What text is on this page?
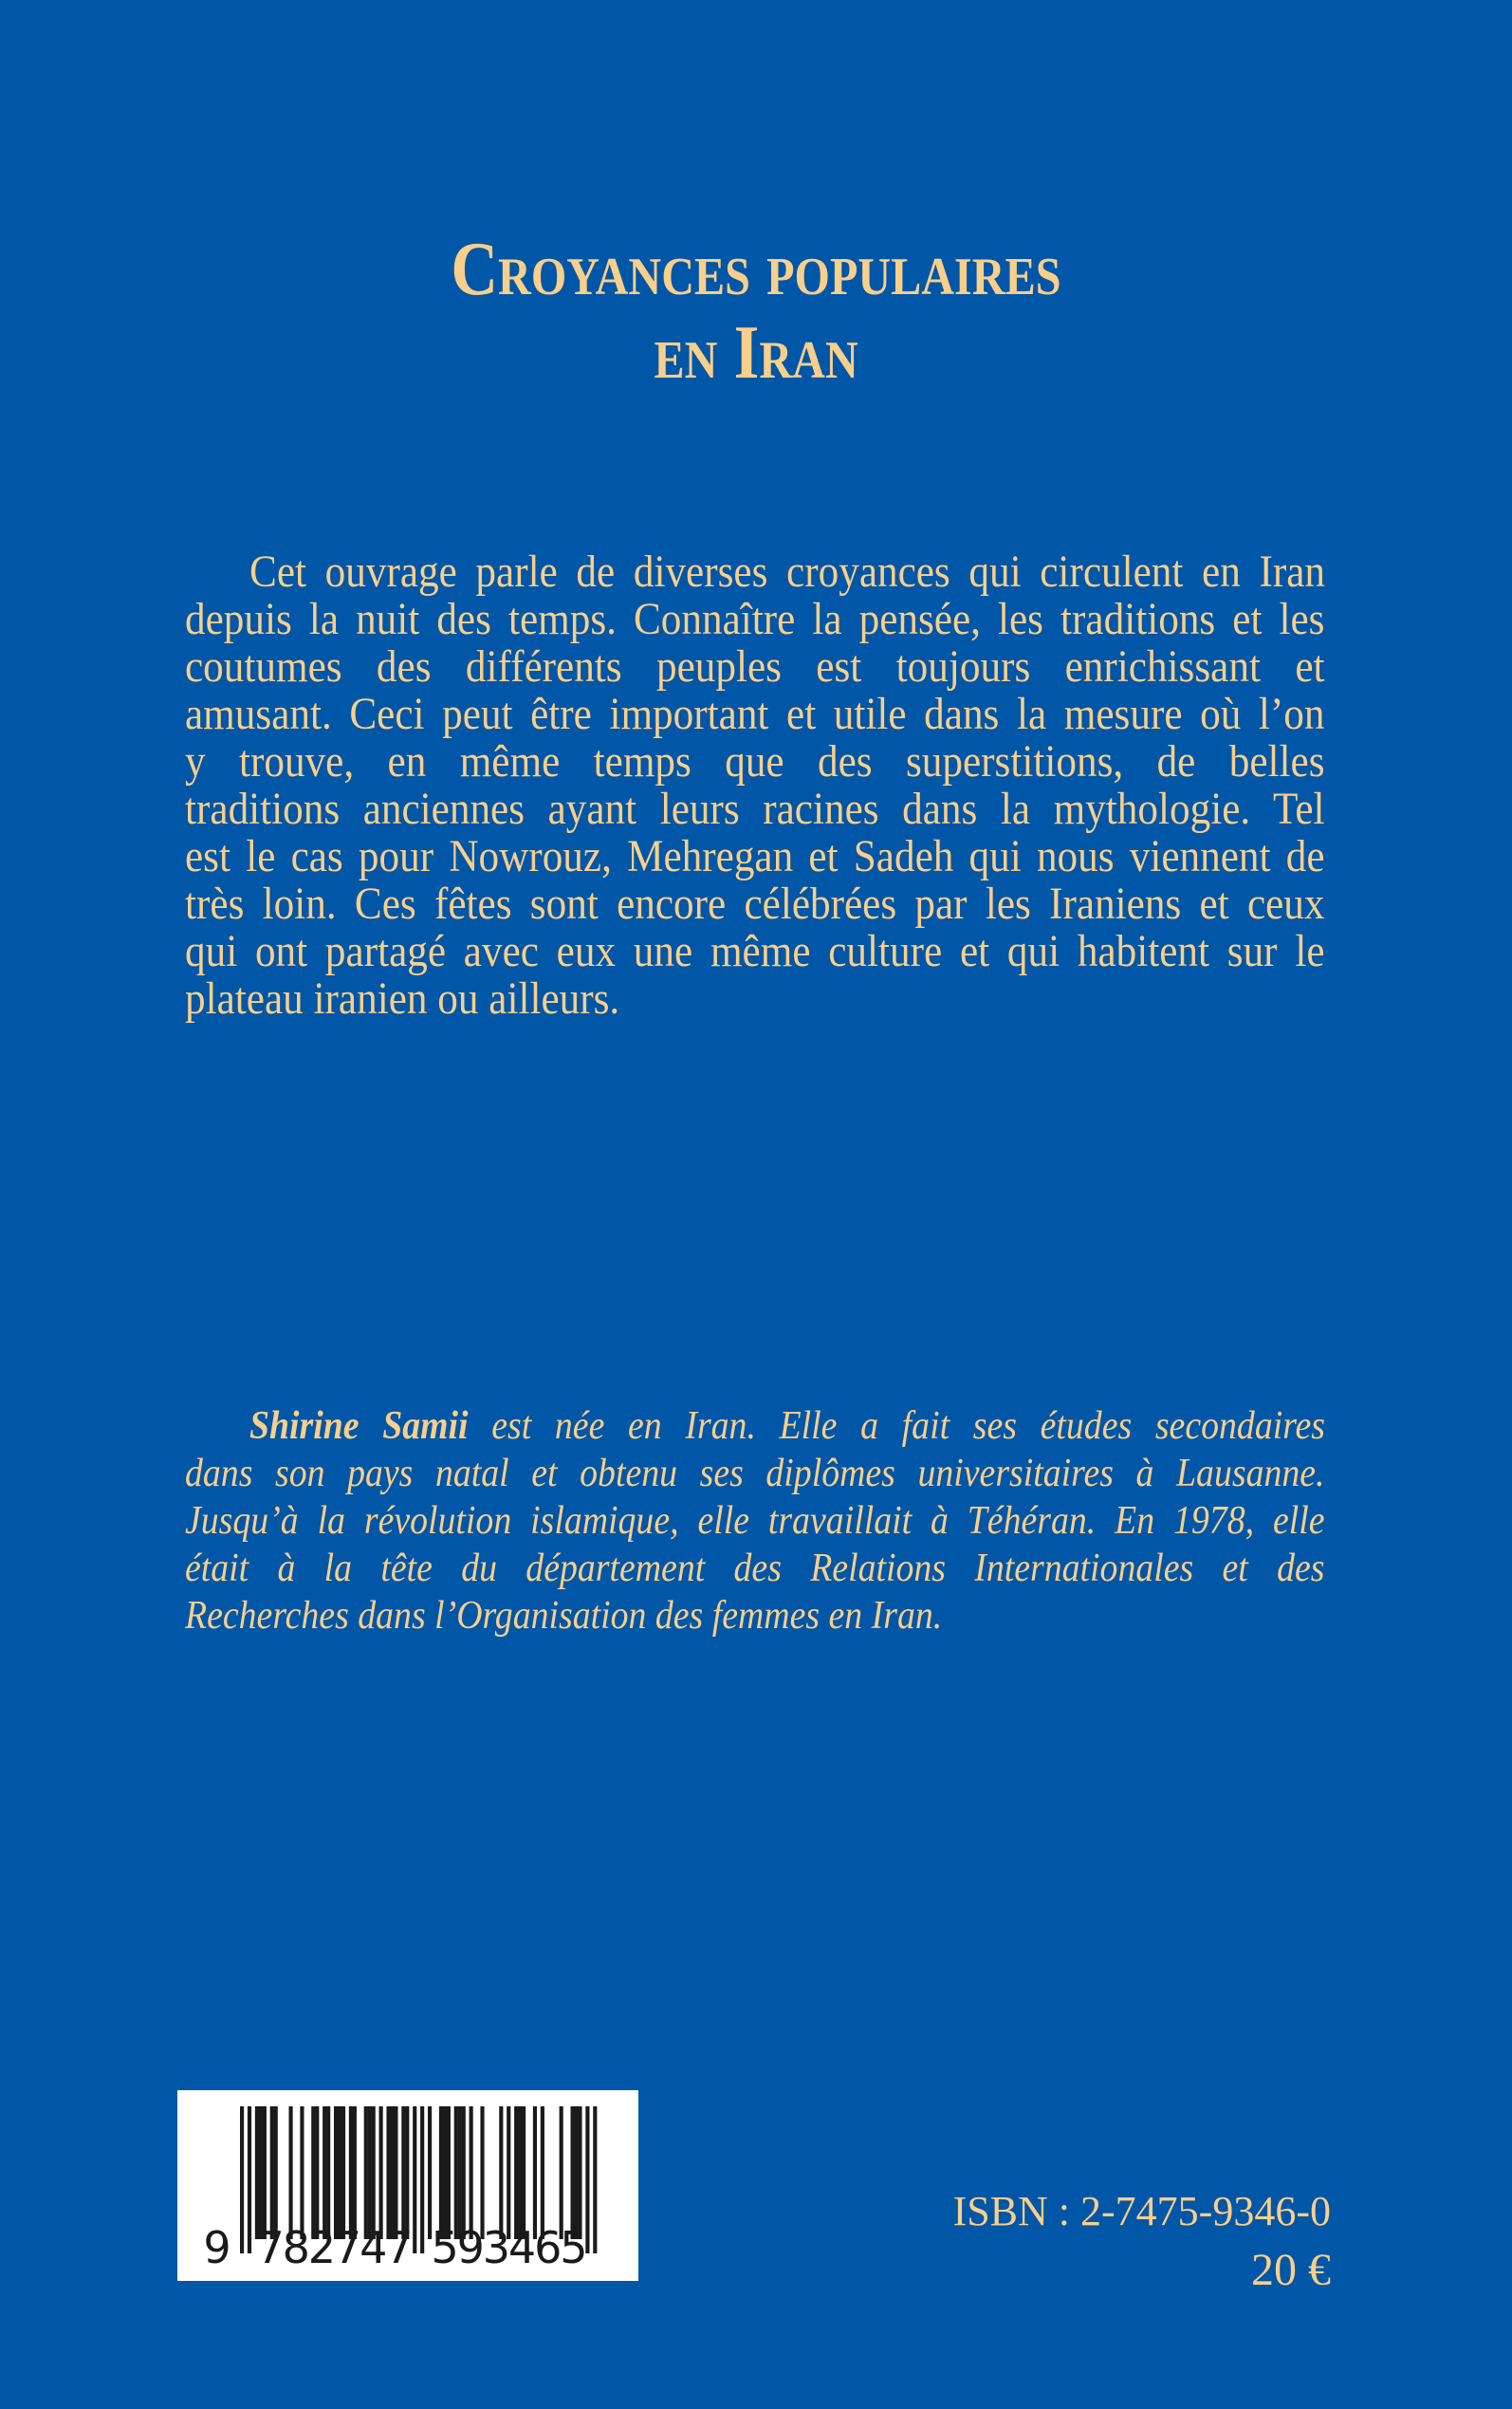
Croyances populaires
en Iran
Cet ouvrage parle de diverses croyances qui circulent en Iran
depuis la nuit des temps. Connaître la pensée, les traditions et les
coutumes des différents peuples est toujours enrichissant et
amusant. Ceci peut être important et utile dans la mesure où l’on
y trouve, en même temps que des superstitions, de belles
traditions anciennes ayant leurs racines dans la mythologie. Tel
est le cas pour Nowrouz, Mehregan et Sadeh qui nous viennent de
très loin. Ces fêtes sont encore célébrées par les Iraniens et ceux
qui ont partagé avec eux une même culture et qui habitent sur le
plateau iranien ou ailleurs.
Shirine Samii est née en Iran. Elle a fait ses études secondaires
dans son pays natal et obtenu ses diplômes universitaires à Lausanne.
Jusqu’à la révolution islamique, elle travaillait à Téhéran. En 1978, elle
était à la tête du département des Relations Internationales et des
Recherches dans l’Organisation des femmes en Iran.
9 782747 593465
ISBN : 2-7475-9346-0
20 €
